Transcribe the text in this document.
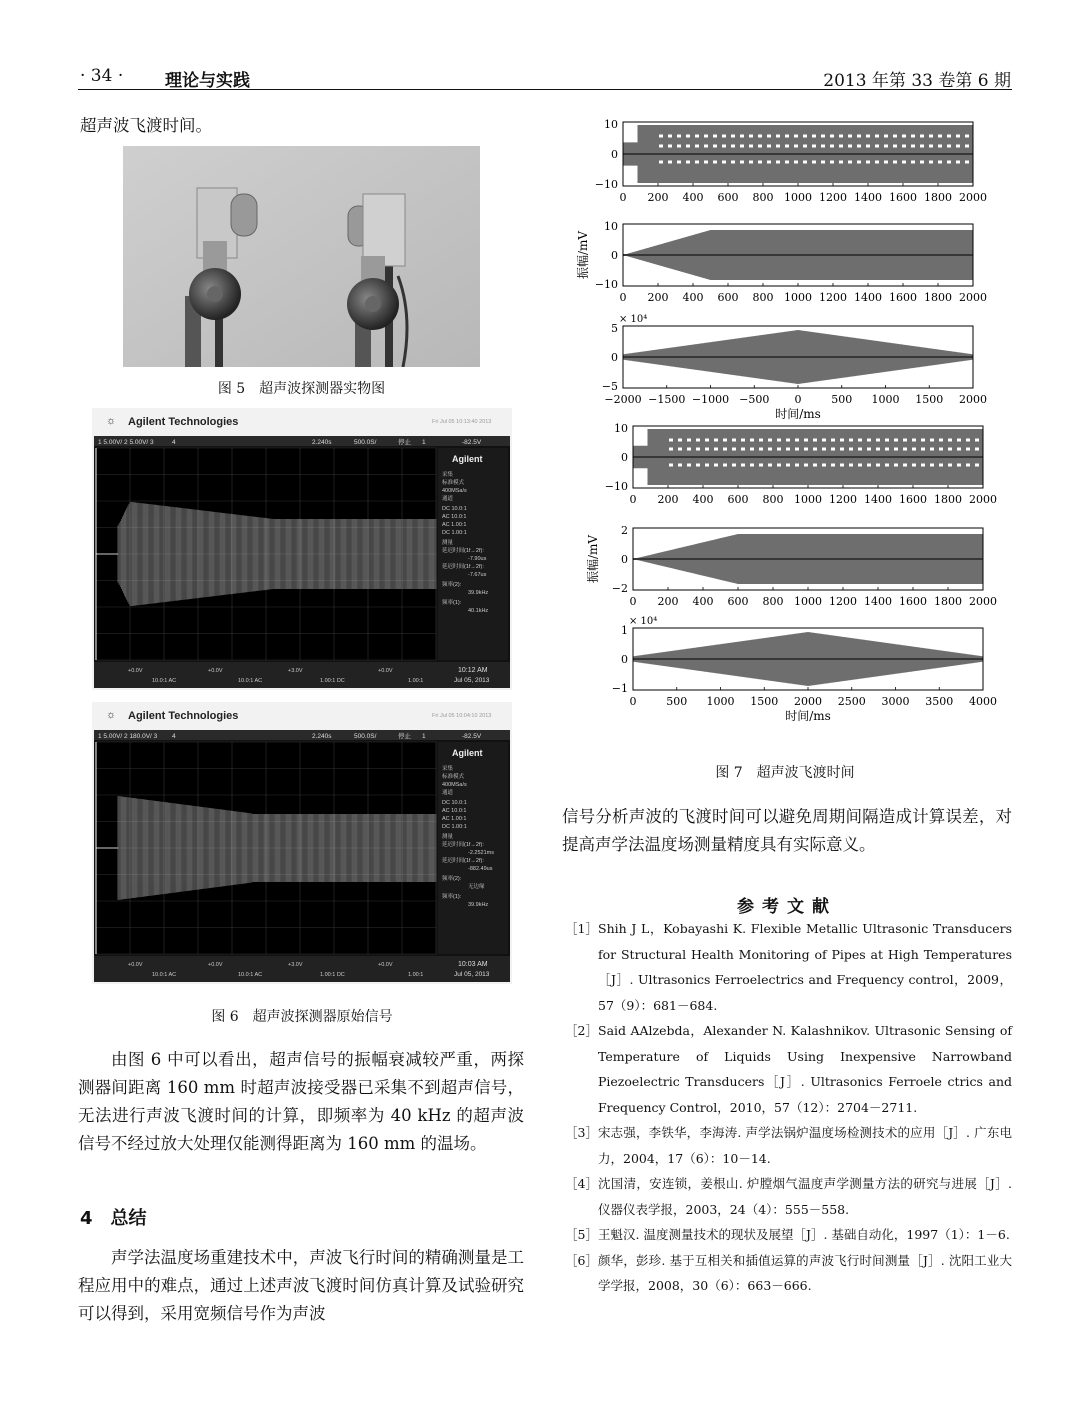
· 34 · 理论与实践	2013 年第 33 卷第 6 期
超声波飞渡时间。
图 5　超声波探测器实物图
☼ Agilent Technologies	Fri Jul 05 10:13:40 2013
1 5.00V/ 2 5.00V/ 3	4	2.240s	500.0S/	停止 1	-82.5V
Agilent
采集
标准模式
400MSa/s
通道
DC 10.0:1
AC 10.0:1
AC 1.00:1
DC 1.00:1
测量
延迟时间(1f→2f):
-7.90us
延迟时间(1f→2f):
-7.67us
频率(2):
39.9kHz
频率(1):
40.1kHz
+0.0V
10.0:1 AC
+0.0V
10.0:1 AC
+3.0V
1.00:1 DC
+0.0V
1.00:1
10:12 AM
Jul 05, 2013
☼ Agilent Technologies	Fri Jul 05 10:04:10 2013
1 5.00V/ 2 180.0V/ 3 4	2.240s	500.0S/	停止 1	-82.5V
Agilent
采集
标准模式
400MSa/s
通道
DC 10.0:1
AC 10.0:1
AC 1.00:1
DC 1.00:1
测量
延迟时间(1f→2f):
-2.2521ms
延迟时间(1f→2f):
-882.49us
频率(2):
无边缘
频率(1):
39.9kHz
+0.0V
10.0:1 AC
+0.0V
10.0:1 AC
+3.0V
1.00:1 DC
+0.0V
1.00:1
10:03 AM
Jul 05, 2013
图 6　超声波探测器原始信号
由图 6 中可以看出，超声信号的振幅衰减较严重，两探测器间距离 160 mm 时超声波接受器已采集不到超声信号，无法进行声波飞渡时间的计算，即频率为 40 kHz 的超声波信号不经过放大处理仅能测得距离为 160 mm 的温场。
4　总结
声学法温度场重建技术中，声波飞行时间的精确测量是工程应用中的难点，通过上述声波飞渡时间仿真计算及试验研究可以得到，采用宽频信号作为声波
10
0
−10
0 200 400 600 800 1000 1200 1400 1600 1800 2000
10
0
−10
0 200 400 600 800 1000 1200 1400 1600 1800 2000
振幅/mV
5
0
−5
−2000 −1500 −1000 −500 0	500 1000 1500 2000
× 10⁴
时间/ms
10
0
−10
0 200 400 600 800 1000 1200 1400 1600 1800 2000
2
0
−2
0 200 400 600 800 1000 1200 1400 1600 1800 2000
振幅/mV
1
0
−1
0	500 1000 1500 2000 2500 3000 3500 4000
× 10⁴
时间/ms
图 7　超声波飞渡时间
信号分析声波的飞渡时间可以避免周期间隔造成计算误差，对提高声学法温度场测量精度具有实际意义。
参考文献
［1］ Shih J L，Kobayashi K. Flexible Metallic Ultrasonic Transducers for Structural Health Monitoring of Pipes at High Temperatures［J］. Ultrasonics Ferroelectrics and Frequency control，2009，57（9）：681－684.
［2］ Said AAlzebda，Alexander N. Kalashnikov. Ultrasonic Sensing of Temperature of Liquids Using Inexpensive Narrowband Piezoelectric Transducers［J］. Ultrasonics Ferroele ctrics and Frequency Control，2010，57（12）：2704－2711.
［3］ 宋志强，李铁华，李海涛. 声学法锅炉温度场检测技术的应用［J］. 广东电力，2004，17（6）：10－14.
［4］ 沈国清，安连锁，姜根山. 炉膛烟气温度声学测量方法的研究与进展［J］. 仪器仪表学报，2003，24（4）：555－558.
［5］ 王魁汉. 温度测量技术的现状及展望［J］. 基础自动化，1997（1）：1－6.
［6］ 颜华，彭珍. 基于互相关和插值运算的声波飞行时间测量［J］. 沈阳工业大学学报，2008，30（6）：663－666.
